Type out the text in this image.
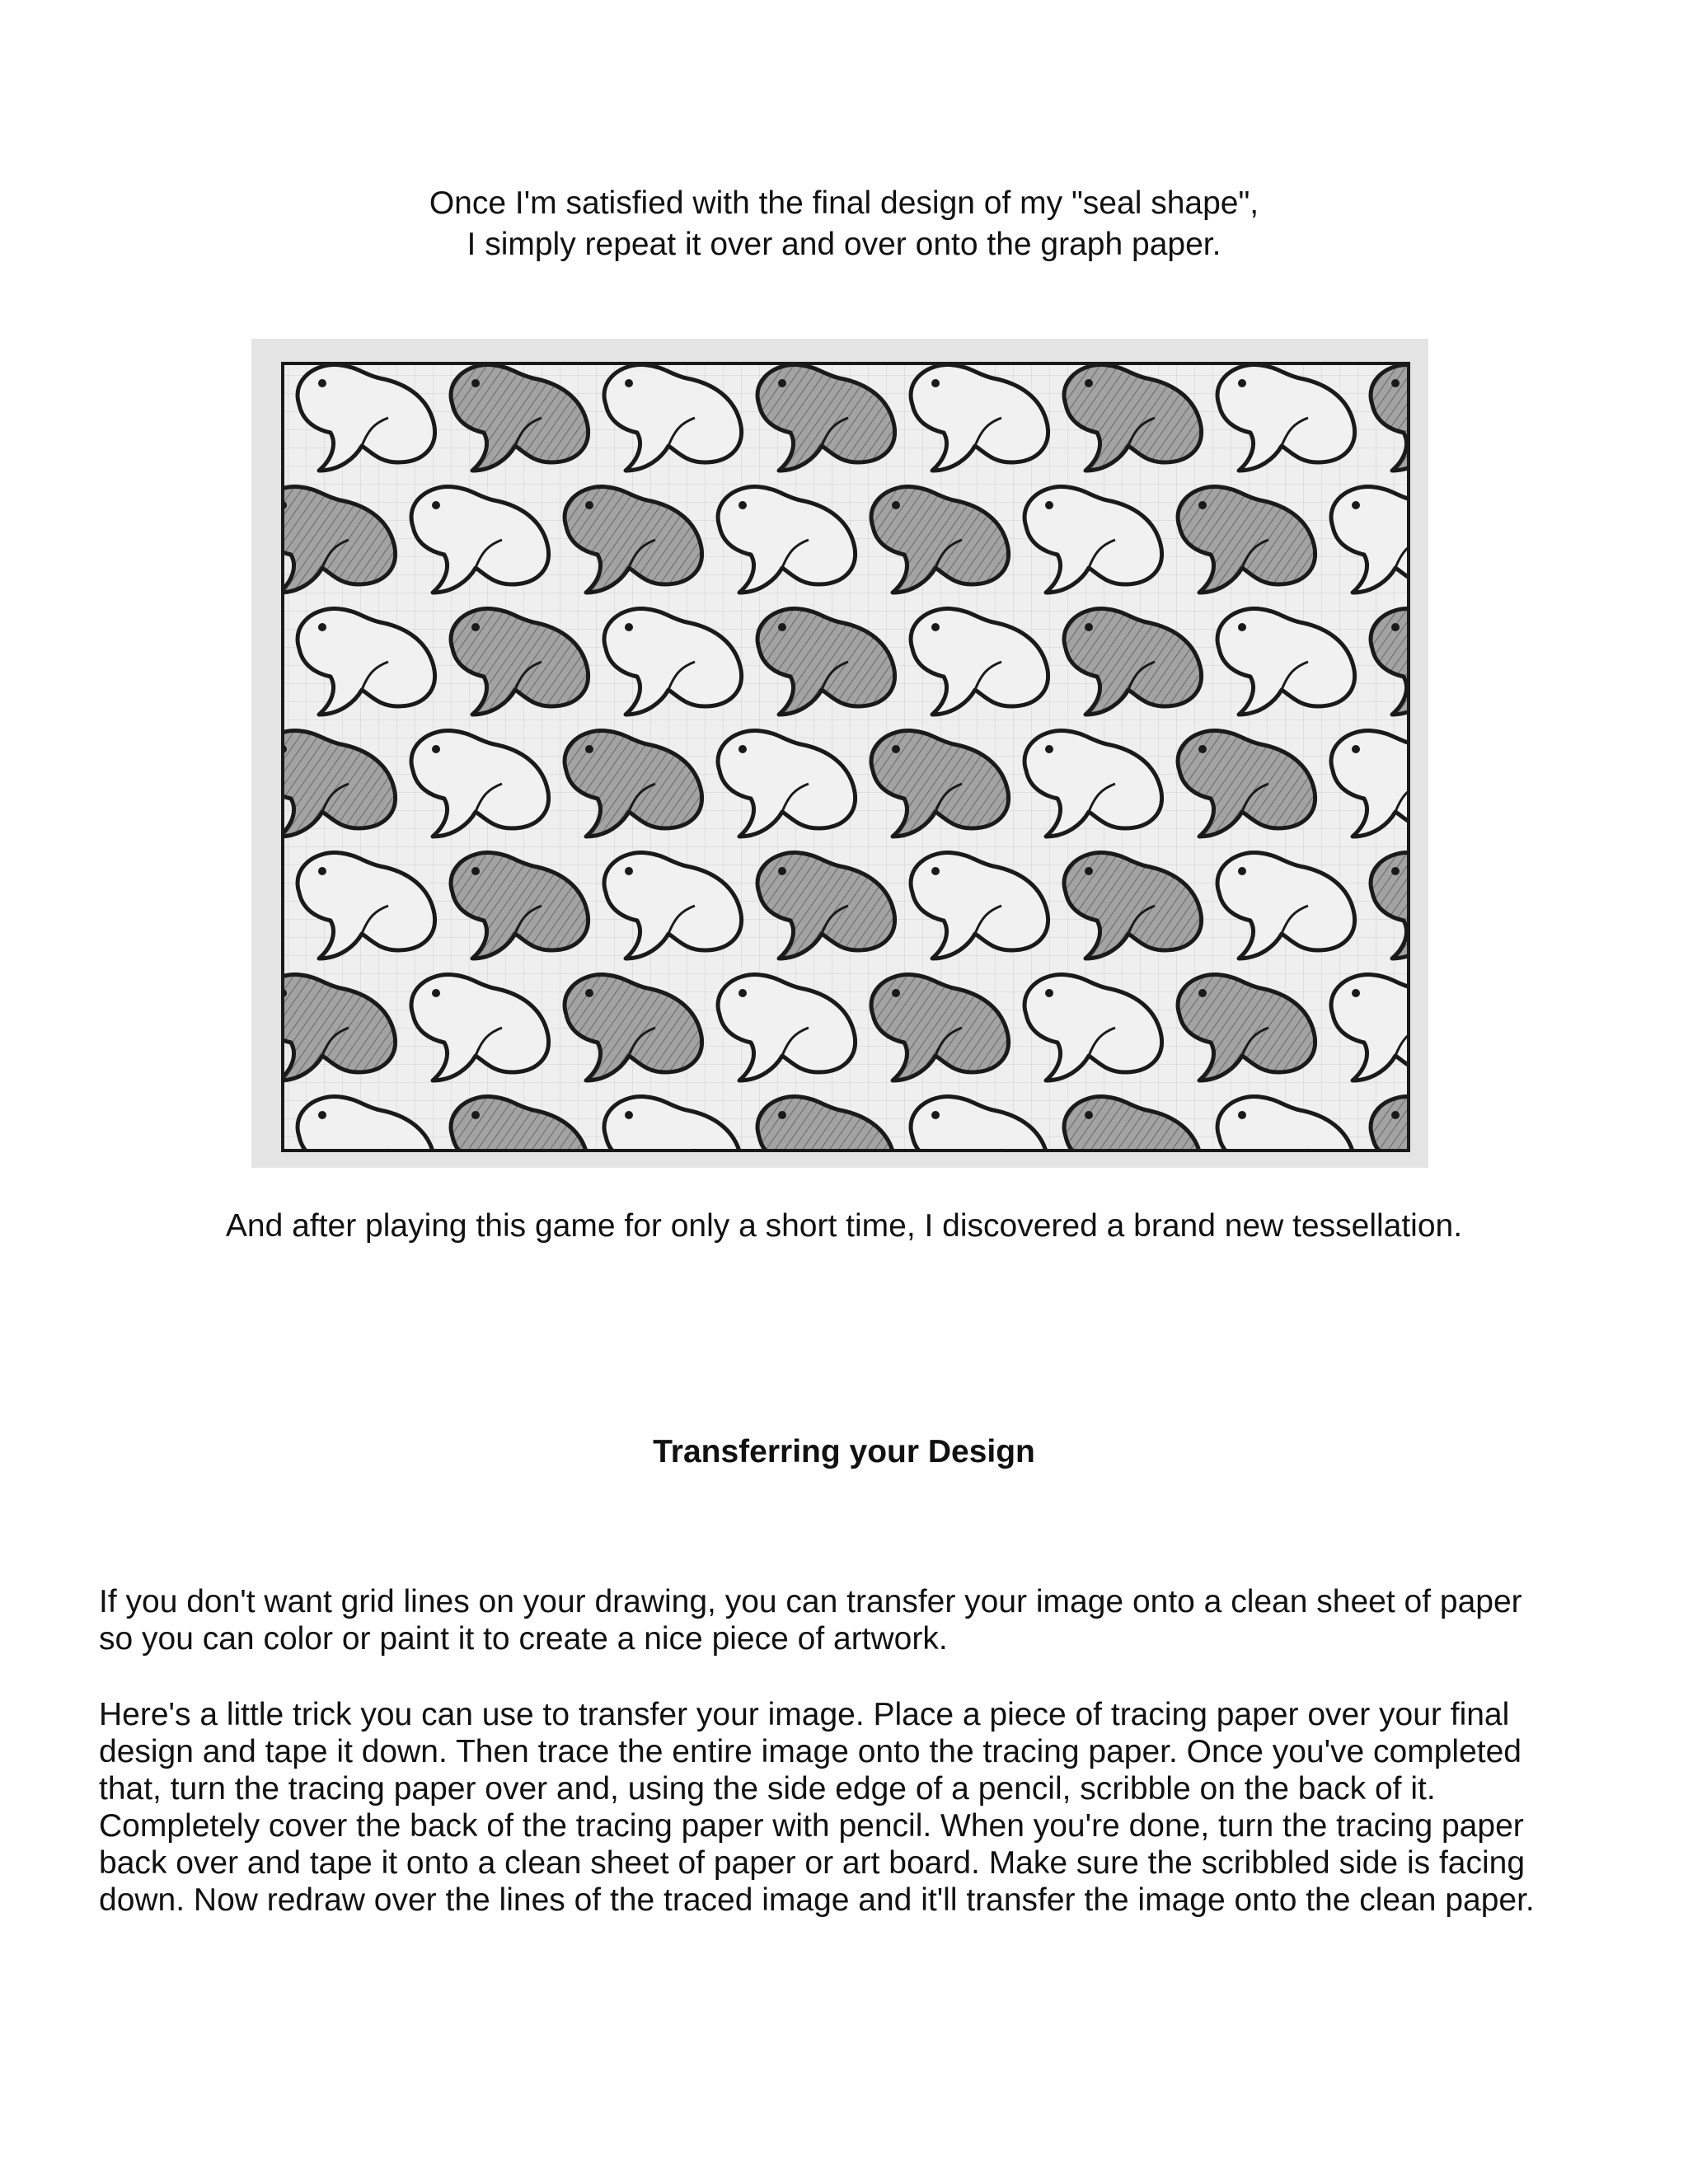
Once I'm satisfied with the final design of my "seal shape",
I simply repeat it over and over onto the graph paper.
And after playing this game for only a short time, I discovered a brand new tessellation.
Transferring your Design
If you don't want grid lines on your drawing, you can transfer your image onto a clean sheet of paper
so you can color or paint it to create a nice piece of artwork.
Here's a little trick you can use to transfer your image. Place a piece of tracing paper over your final
design and tape it down. Then trace the entire image onto the tracing paper. Once you've completed
that, turn the tracing paper over and, using the side edge of a pencil, scribble on the back of it.
Completely cover the back of the tracing paper with pencil. When you're done, turn the tracing paper
back over and tape it onto a clean sheet of paper or art board. Make sure the scribbled side is facing
down. Now redraw over the lines of the traced image and it'll transfer the image onto the clean paper.
